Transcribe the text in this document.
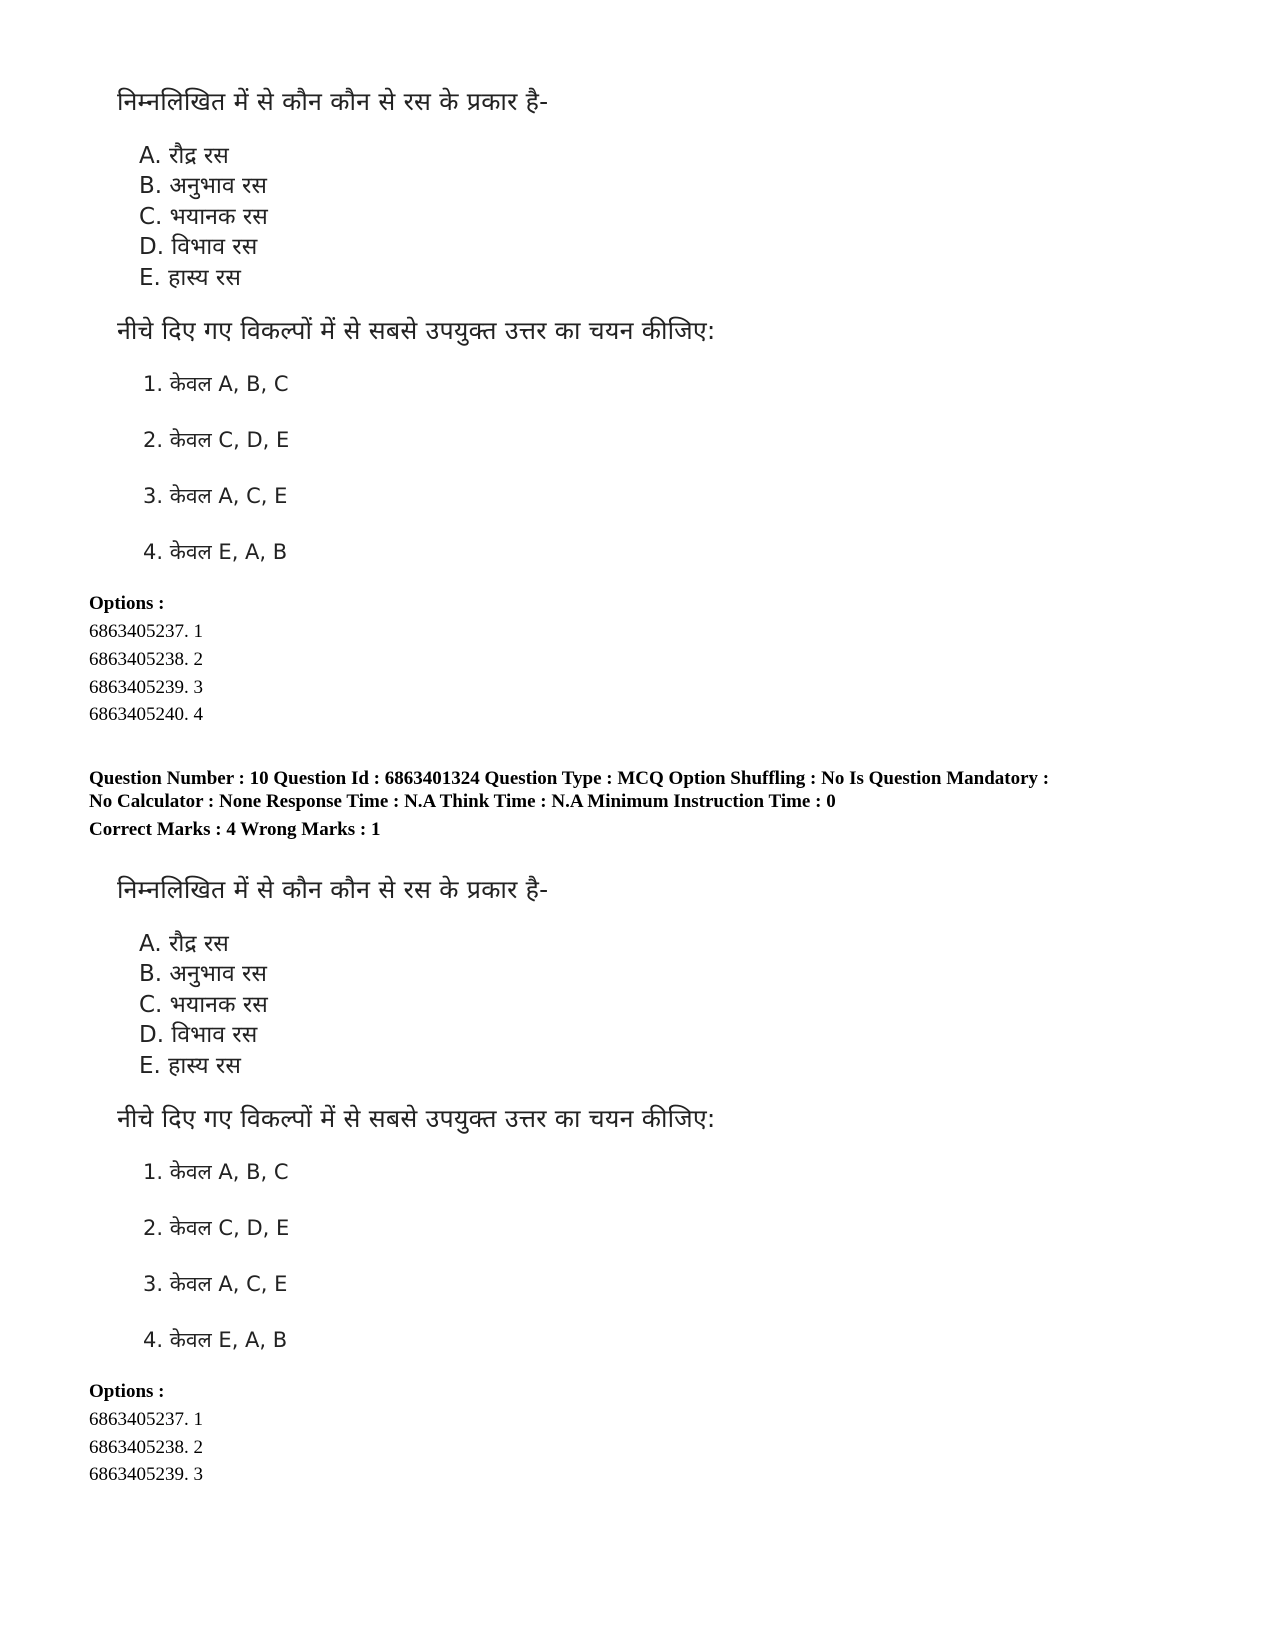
निम्नलिखित में से कौन कौन से रस के प्रकार है-
A. रौद्र रस
B. अनुभाव रस
C. भयानक रस
D. विभाव रस
E. हास्य रस
नीचे दिए गए विकल्पों में से सबसे उपयुक्त उत्तर का चयन कीजिए:
1. केवल A, B, C
2. केवल C, D, E
3. केवल A, C, E
4. केवल E, A, B
Options :
6863405237. 1
6863405238. 2
6863405239. 3
6863405240. 4
Question Number : 10 Question Id : 6863401324 Question Type : MCQ Option Shuffling : No Is Question Mandatory :
No Calculator : None Response Time : N.A Think Time : N.A Minimum Instruction Time : 0
Correct Marks : 4 Wrong Marks : 1
निम्नलिखित में से कौन कौन से रस के प्रकार है-
A. रौद्र रस
B. अनुभाव रस
C. भयानक रस
D. विभाव रस
E. हास्य रस
नीचे दिए गए विकल्पों में से सबसे उपयुक्त उत्तर का चयन कीजिए:
1. केवल A, B, C
2. केवल C, D, E
3. केवल A, C, E
4. केवल E, A, B
Options :
6863405237. 1
6863405238. 2
6863405239. 3
